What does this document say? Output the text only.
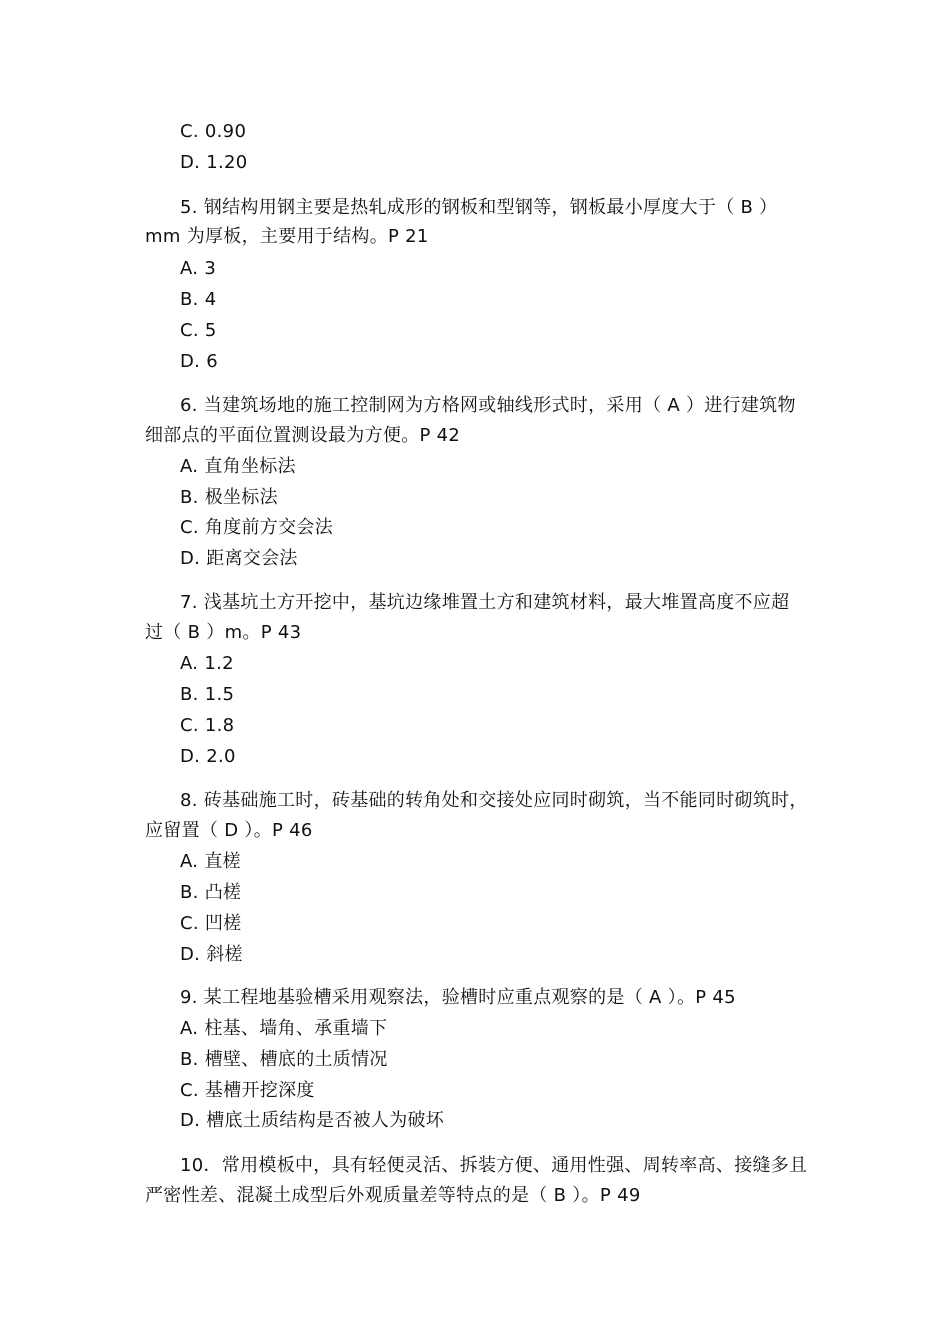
C. 0.90
D. 1.20
5. 钢结构用钢主要是热轧成形的钢板和型钢等，钢板最小厚度大于（ B ）
mm 为厚板，主要用于结构。P 21
A. 3
B. 4
C. 5
D. 6
6. 当建筑场地的施工控制网为方格网或轴线形式时，采用（ A ）进行建筑物
细部点的平面位置测设最为方便。P 42
A. 直角坐标法
B. 极坐标法
C. 角度前方交会法
D. 距离交会法
7. 浅基坑土方开挖中，基坑边缘堆置土方和建筑材料，最大堆置高度不应超
过（ B ）m。P 43
A. 1.2
B. 1.5
C. 1.8
D. 2.0
8. 砖基础施工时，砖基础的转角处和交接处应同时砌筑，当不能同时砌筑时，
应留置（ D ）。P 46
A. 直槎
B. 凸槎
C. 凹槎
D. 斜槎
9. 某工程地基验槽采用观察法，验槽时应重点观察的是（ A ）。P 45
A. 柱基、墙角、承重墙下
B. 槽壁、槽底的土质情况
C. 基槽开挖深度
D. 槽底土质结构是否被人为破坏
10．常用模板中，具有轻便灵活、拆装方便、通用性强、周转率高、接缝多且
严密性差、混凝土成型后外观质量差等特点的是（ B ）。P 49
